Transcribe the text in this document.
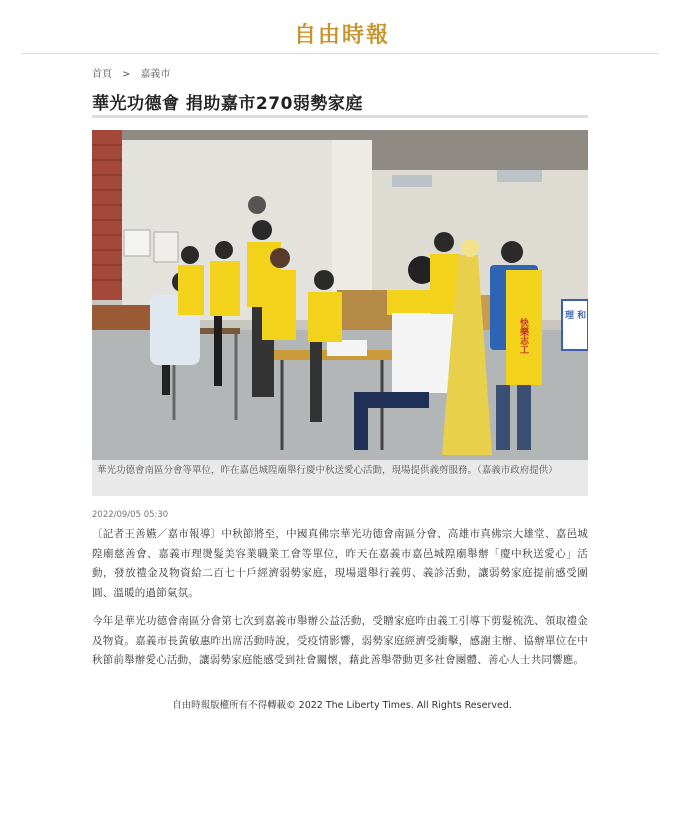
自由時報
首頁 > 嘉義市
華光功德會 捐助嘉市270弱勢家庭
理 和
快樂志工
華光功德會南區分會等單位，昨在嘉邑城隍廟舉行慶中秋送愛心活動，現場提供義剪服務。（嘉義市政府提供）
2022/09/05 05:30

〔記者王善嬿／嘉市報導〕中秋節將至，中國真佛宗華光功德會南區分會、高雄市真佛宗大雄堂、嘉邑城隍廟慈善會、嘉義市理燙髮美容業職業工會等單位，昨天在嘉義市嘉邑城隍廟舉辦「慶中秋送愛心」活動，發放禮金及物資給二百七十戶經濟弱勢家庭，現場還舉行義剪、義診活動，讓弱勢家庭提前感受團圓、溫暖的過節氣氛。

今年是華光功德會南區分會第七次到嘉義市舉辦公益活動，受贈家庭昨由義工引導下剪髮梳洗、領取禮金及物資。嘉義市長黃敏惠昨出席活動時說，受疫情影響，弱勢家庭經濟受衝擊，感謝主辦、協辦單位在中秋節前舉辦愛心活動，讓弱勢家庭能感受到社會關懷，藉此善舉帶動更多社會團體、善心人士共同響應。

自由時報版權所有不得轉載© 2022 The Liberty Times. All Rights Reserved.
